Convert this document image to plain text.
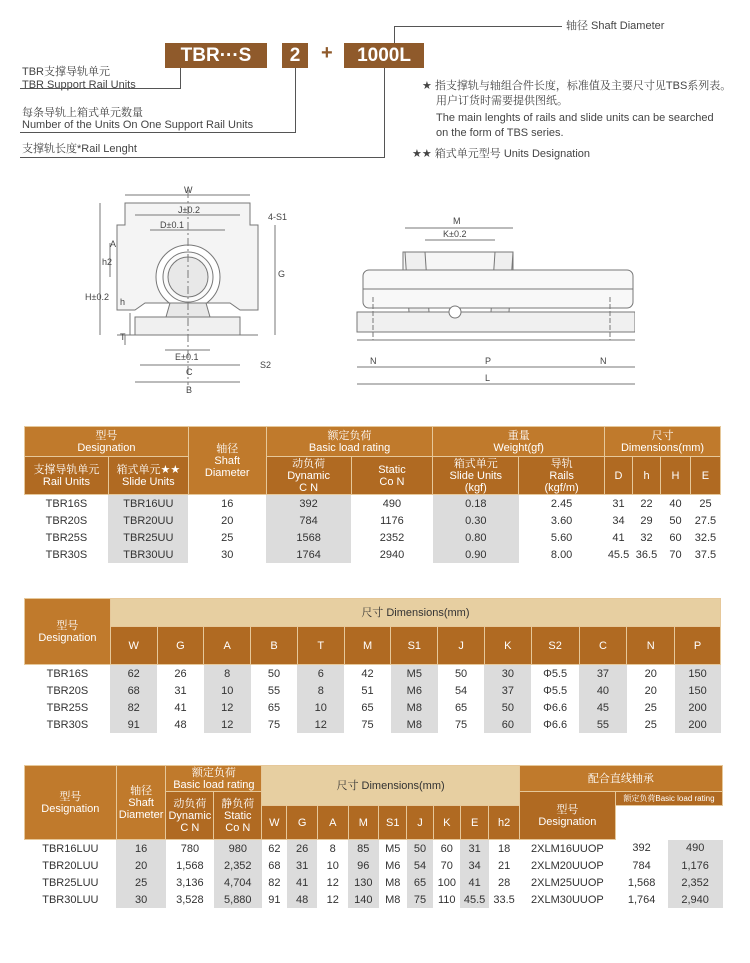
TBR···S	2	+	1000L
轴径 Shaft Diameter
TBR支撑导轨单元
TBR Support Rail Units
每条导轨上箱式单元数量
Number of the Units On One Support Rail Units
支撑轨长度*Rail Lenght
★ 指支撑轨与轴组合件长度，标准值及主要尺寸见TBS系列表。
用户订货时需要提供图纸。
The main lenghts of rails and slide units can be searched
on the form of TBS series.
★★ 箱式单元型号 Units Designation
W
J±0.2
D±0.1
4-S1
A
h2
G
H±0.2 h
T
E±0.1
C
B
S2
M
K±0.2
N	P	N
L
型号
Designation		轴径
Shaft
Diameter	额定负荷
Basic load rating		重量
Weight(gf)		尺寸
Dimensions(mm)			
支撑导轨单元
Rail Units	箱式单元★★
Slide Units		动负荷
Dynamic
C N	Static
Co N	箱式单元
Slide Units
(kgf)	导轨
Rails
(kgf/m)	D	h	H	E
TBR16S	TBR16UU	16	392	490	0.18	2.45	31	22	40	25
TBR20S	TBR20UU	20	784	1176	0.30	3.60	34	29	50	27.5
TBR25S	TBR25UU	25	1568	2352	0.80	5.60	41	32	60	32.5
TBR30S	TBR30UU	30	1764	2940	0.90	8.00	45.5	36.5	70	37.5
型号
Designation	尺寸 Dimensions(mm)												
	W	G	A	B	T	M	S1	J	K	S2	C	N	P
TBR16S	62	26	8	50	6	42	M5	50	30	Φ5.5	37	20	150
TBR20S	68	31	10	55	8	51	M6	54	37	Φ5.5	40	20	150
TBR25S	82	41	12	65	10	65	M8	65	50	Φ6.6	45	25	200
TBR30S	91	48	12	75	12	75	M8	75	60	Φ6.6	55	25	200
型号
Designation	轴径
Shaft
Diameter	额定负荷
Basic load rating		尺寸 Dimensions(mm)									配合直线轴承		
		动负荷
Dynamic
C N	静负荷
Static
Co N										型号
Designation	额定负荷Basic load rating	
				W	G	A	M	S1	J	K	E	h2			
TBR16LUU	16	780	980	62	26	8	85	M5	50	60	31	18	2XLM16UUOP	392	490
TBR20LUU	20	1,568	2,352	68	31	10	96	M6	54	70	34	21	2XLM20UUOP	784	1,176
TBR25LUU	25	3,136	4,704	82	41	12	130	M8	65	100	41	28	2XLM25UUOP	1,568	2,352
TBR30LUU	30	3,528	5,880	91	48	12	140	M8	75	110	45.5	33.5	2XLM30UUOP	1,764	2,940
